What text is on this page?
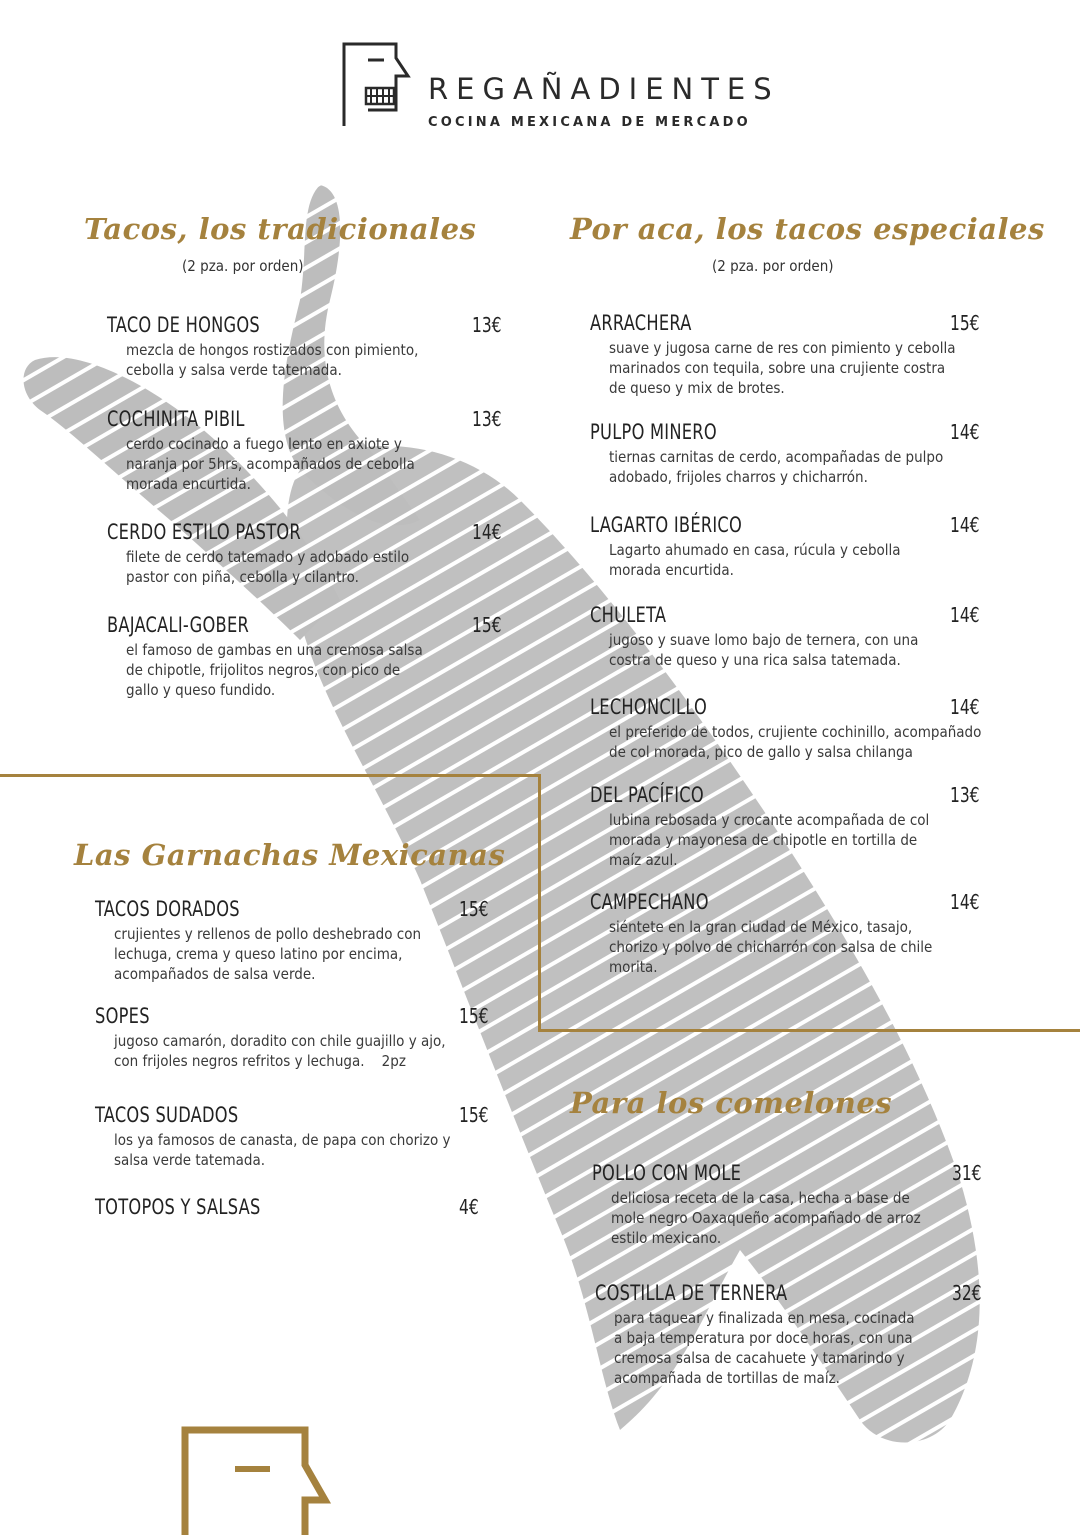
REGAÑADIENTES
COCINA MEXICANA DE MERCADO
Tacos, los tradicionales
(2 pza. por orden)
TACO DE HONGOS	13€
mezcla de hongos rostizados con pimiento, cebolla y salsa verde tatemada.
COCHINITA PIBIL	13€
cerdo cocinado a fuego lento en axiote y naranja por 5hrs, acompañados de cebolla morada encurtida.
CERDO ESTILO PASTOR	14€
filete de cerdo tatemado y adobado estilo pastor con piña, cebolla y cilantro.
BAJACALI-GOBER	15€
el famoso de gambas en una cremosa salsa de chipotle, frijolitos negros, con pico de gallo y queso fundido.
Por aca, los tacos especiales
(2 pza. por orden)
ARRACHERA	15€
suave y jugosa carne de res con pimiento y cebolla marinados con tequila, sobre una crujiente costra de queso y mix de brotes.
PULPO MINERO	14€
tiernas carnitas de cerdo, acompañadas de pulpo adobado, frijoles charros y chicharrón.
LAGARTO IBÉRICO	14€
Lagarto ahumado en casa, rúcula y cebolla morada encurtida.
CHULETA	14€
jugoso y suave lomo bajo de ternera, con una costra de queso y una rica salsa tatemada.
LECHONCILLO	14€
el preferido de todos, crujiente cochinillo, acompañado de col morada, pico de gallo y salsa chilanga
DEL PACÍFICO	13€
lubina rebosada y crocante acompañada de col morada y mayonesa de chipotle en tortilla de maíz azul.
CAMPECHANO	14€
siéntete en la gran ciudad de México, tasajo, chorizo y polvo de chicharrón con salsa de chile morita.
Las Garnachas Mexicanas
TACOS DORADOS	15€
crujientes y rellenos de pollo deshebrado con lechuga, crema y queso latino por encima, acompañados de salsa verde.
SOPES	15€
jugoso camarón, doradito con chile guajillo y ajo, con frijoles negros refritos y lechuga.    2pz
TACOS SUDADOS	15€
los ya famosos de canasta, de papa con chorizo y salsa verde tatemada.
TOTOPOS Y SALSAS	4€
Para los comelones
POLLO CON MOLE	31€
deliciosa receta de la casa, hecha a base de mole negro Oaxaqueño acompañado de arroz estilo mexicano.
COSTILLA DE TERNERA	32€
para taquear y finalizada en mesa, cocinada a baja temperatura por doce horas, con una cremosa salsa de cacahuete y tamarindo y acompañada de tortillas de maíz.
